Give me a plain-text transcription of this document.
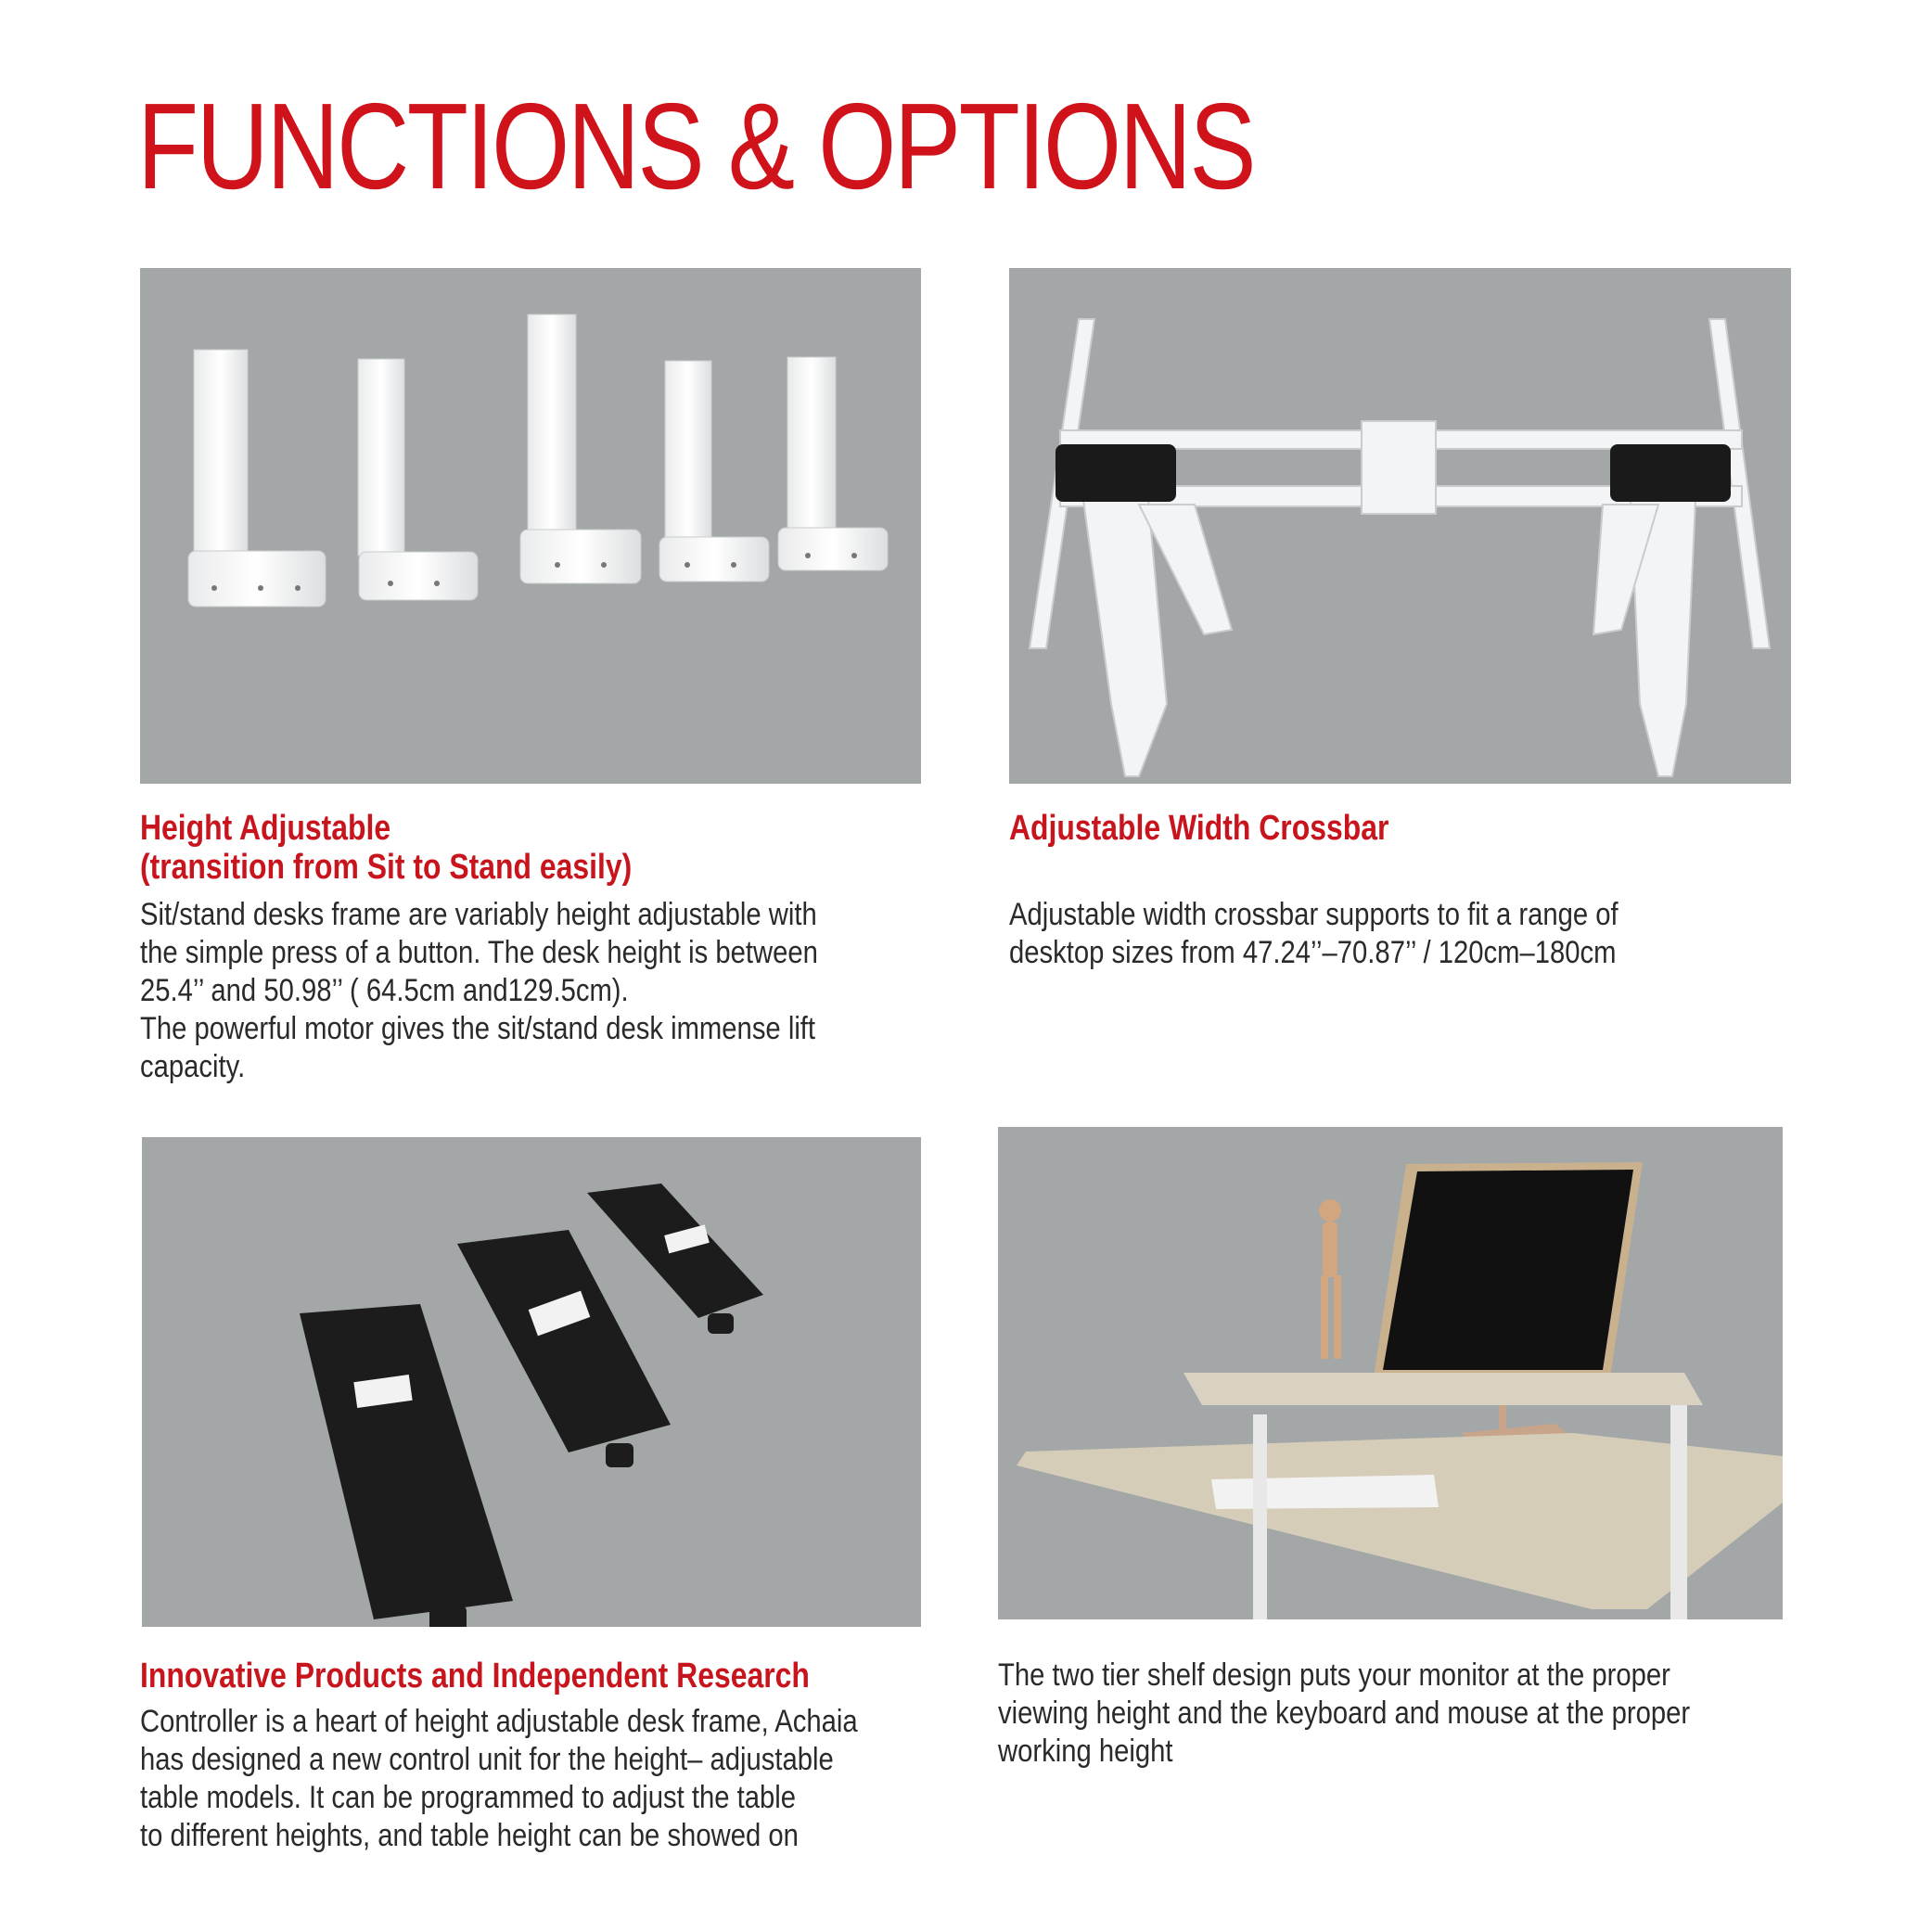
FUNCTIONS & OPTIONS
Height Adjustable
(transition from Sit to Stand easily)

Sit/stand desks frame are variably height adjustable with
the simple press of a button. The desk height is between
25.4’’ and 50.98’’ ( 64.5cm and129.5cm).
The powerful motor gives the sit/stand desk immense lift
capacity.

Adjustable Width Crossbar

Adjustable width crossbar supports to fit a range of
desktop sizes from 47.24’’–70.87’’ / 120cm–180cm

Innovative Products and Independent Research

Controller is a heart of height adjustable desk frame, Achaia
has designed a new control unit for the height– adjustable
table models. It can be programmed to adjust the table
to different heights, and table height can be showed on

The two tier shelf design puts your monitor at the proper
viewing height and the keyboard and mouse at the proper
working height
